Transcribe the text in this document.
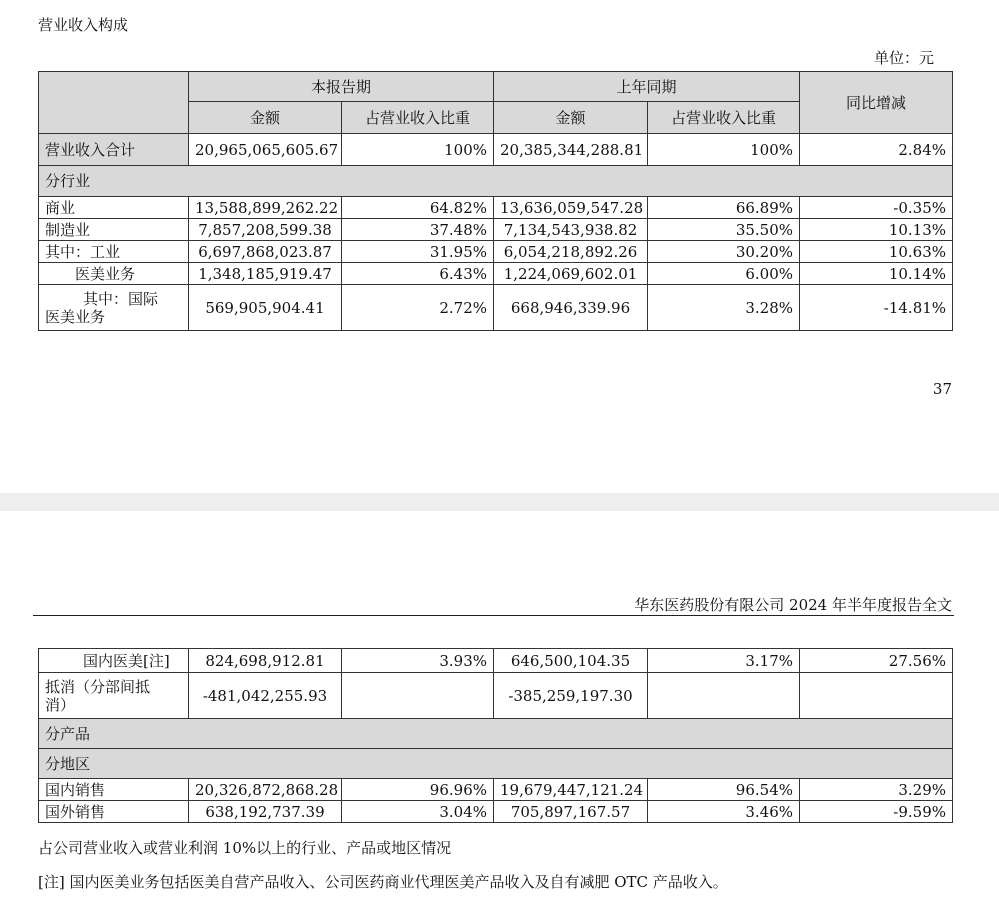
营业收入构成
单位：元
	本报告期		上年同期		同比增减
	金额	占营业收入比重	金额	占营业收入比重	
营业收入合计	20,965,065,605.67	100%	20,385,344,288.81	100%	2.84%
分行业					
商业	13,588,899,262.22	64.82%	13,636,059,547.28	66.89%	-0.35%
制造业	7,857,208,599.38	37.48%	7,134,543,938.82	35.50%	10.13%
其中：工业	6,697,868,023.87	31.95%	6,054,218,892.26	30.20%	10.63%
医美业务	1,348,185,919.47	6.43%	1,224,069,602.01	6.00%	10.14%

其中：国际
医美业务	569,905,904.41	2.72%	668,946,339.96	3.28%	-14.81%
37
华东医药股份有限公司 2024 年半年度报告全文
国内医美[注]	824,698,912.81	3.93%	646,500,104.35	3.17%	27.56%

抵消（分部间抵
消）	-481,042,255.93		-385,259,197.30		
分产品					
分地区					
国内销售	20,326,872,868.28	96.96%	19,679,447,121.24	96.54%	3.29%
国外销售	638,192,737.39	3.04%	705,897,167.57	3.46%	-9.59%
占公司营业收入或营业利润 10%以上的行业、产品或地区情况
[注] 国内医美业务包括医美自营产品收入、公司医药商业代理医美产品收入及自有减肥 OTC 产品收入。
